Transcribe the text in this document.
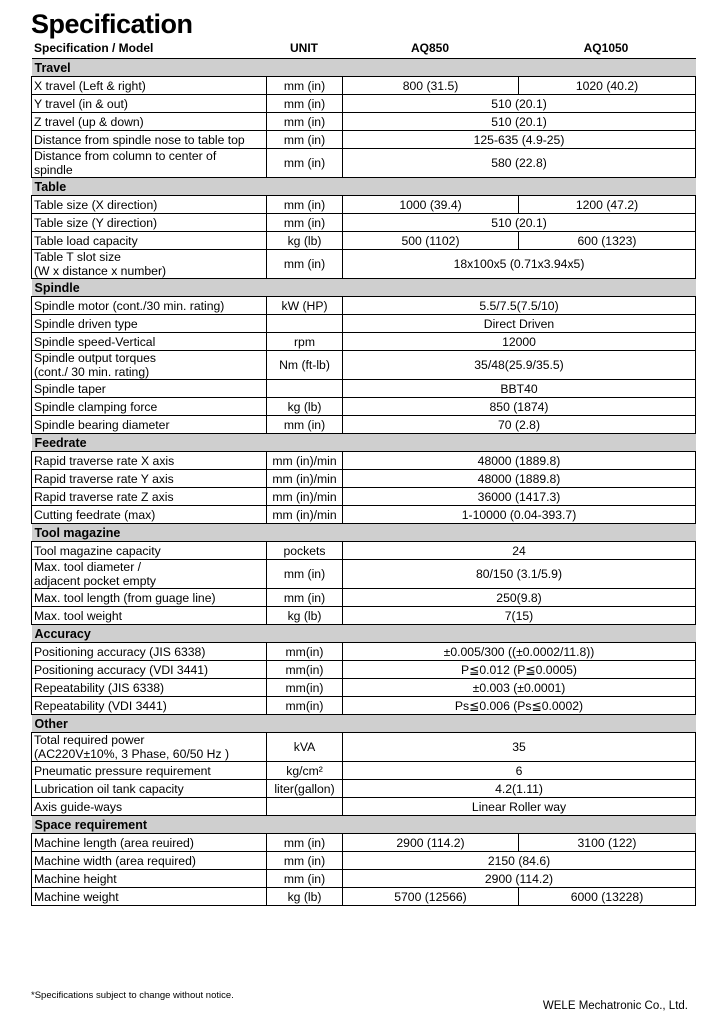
Specification
Specification / Model	UNIT	AQ850	AQ1050
Travel			

X travel (Left & right)	mm (in)	800 (31.5)	1020 (40.2)

Y travel (in & out)	mm (in)	510 (20.1)	

Z travel (up & down)	mm (in)	510 (20.1)	

Distance from spindle nose to table top	mm (in)	125-635 (4.9-25)	

Distance from column to center of
spindle	mm (in)	580 (22.8)	
Table			

Table size (X direction)	mm (in)	1000 (39.4)	1200 (47.2)

Table size (Y direction)	mm (in)	510 (20.1)	

Table load capacity	kg (lb)	500 (1102)	600 (1323)

Table T slot size
(W x distance x number)	mm (in)	18x100x5 (0.71x3.94x5)	
Spindle			

Spindle motor (cont./30 min. rating)	kW (HP)	5.5/7.5(7.5/10)	

Spindle driven type		Direct Driven	

Spindle speed-Vertical	rpm	12000	

Spindle output torques
(cont./ 30 min. rating)	Nm (ft-lb)	35/48(25.9/35.5)	

Spindle taper		BBT40	

Spindle clamping force	kg (lb)	850 (1874)	

Spindle bearing diameter	mm (in)	70 (2.8)	
Feedrate			

Rapid traverse rate X axis	mm (in)/min	48000 (1889.8)	

Rapid traverse rate Y axis	mm (in)/min	48000 (1889.8)	

Rapid traverse rate Z axis	mm (in)/min	36000 (1417.3)	

Cutting feedrate (max)	mm (in)/min	1-10000 (0.04-393.7)	
Tool magazine			

Tool magazine capacity	pockets	24	

Max. tool diameter /
adjacent pocket empty	mm (in)	80/150 (3.1/5.9)	

Max. tool length (from guage line)	mm (in)	250(9.8)	

Max. tool weight	kg (lb)	7(15)	
Accuracy			

Positioning accuracy (JIS 6338)	mm(in)	±0.005/300 ((±0.0002/11.8))	

Positioning accuracy (VDI 3441)	mm(in)	P≦0.012 (P≦0.0005)	

Repeatability (JIS 6338)	mm(in)	±0.003 (±0.0001)	

Repeatability (VDI 3441)	mm(in)	Ps≦0.006 (Ps≦0.0002)	
Other			

Total required power
(AC220V±10%, 3 Phase, 60/50 Hz )	kVA	35	

Pneumatic pressure requirement	kg/cm²	6	

Lubrication oil tank capacity	liter(gallon)	4.2(1.11)	

Axis guide-ways		Linear Roller way	
Space requirement			

Machine length (area reuired)	mm (in)	2900 (114.2)	3100 (122)

Machine width (area required)	mm (in)	2150 (84.6)	

Machine height	mm (in)	2900 (114.2)	

Machine weight	kg (lb)	5700 (12566)	6000 (13228)
*Specifications subject to change without notice.
WELE Mechatronic Co., Ltd.
